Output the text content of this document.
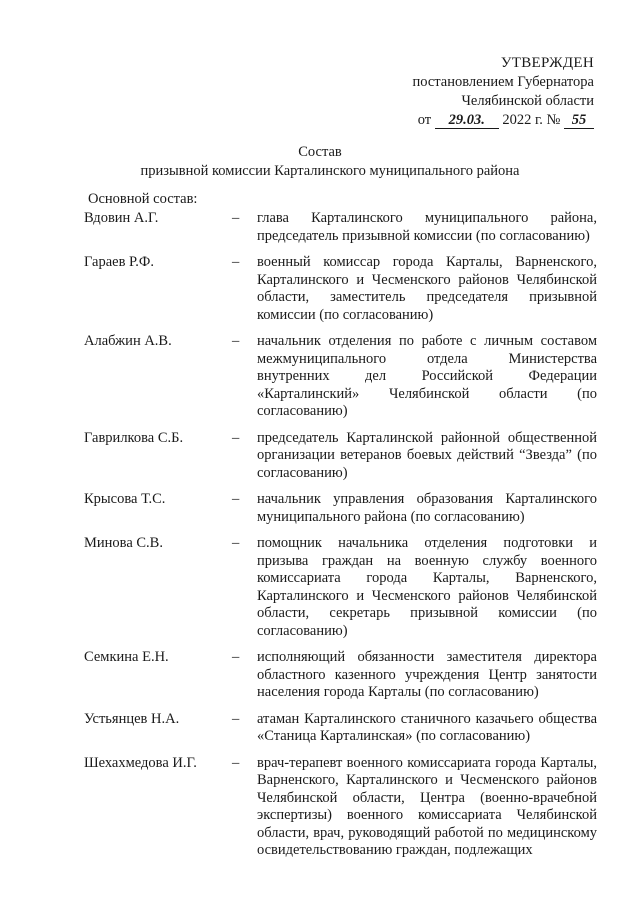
УТВЕРЖДЕН
постановлением Губернатора
Челябинской области
от 29.03. 2022 г. № 55
Состав
призывной комиссии Карталинского муниципального района
Основной состав:
Вдовин А.Г.	– глава Карталинского муниципального района, председатель призывной комиссии (по согласованию)
Гараев Р.Ф.	– военный комиссар города Карталы, Варненского, Карталинского и Чесменского районов Челябинской области, заместитель председателя призывной комиссии (по согласованию)
Алабжин А.В.	– начальник отделения по работе с личным составом межмуниципального отдела Министерства внутренних дел Российской Федерации «Карталинский» Челябинской области (по согласованию)
Гаврилкова С.Б.	– председатель Карталинской районной общественной организации ветеранов боевых действий “Звезда” (по согласованию)
Крысова Т.С.	– начальник управления образования Карталинского муниципального района (по согласованию)
Минова С.В.	– помощник начальника отделения подготовки и призыва граждан на военную службу военного комиссариата города Карталы, Варненского, Карталинского и Чесменского районов Челябинской области, секретарь призывной комиссии (по согласованию)
Семкина Е.Н.	– исполняющий обязанности заместителя директора областного казенного учреждения Центр занятости населения города Карталы (по согласованию)
Устьянцев Н.А.	– атаман Карталинского станичного казачьего общества «Станица Карталинская» (по согласованию)
Шехахмедова И.Г. – врач-терапевт военного комиссариата города Карталы, Варненского, Карталинского и Чесменского районов Челябинской области, Центра (военно-врачебной экспертизы) военного комиссариата Челябинской области, врач, руководящий работой по медицинскому освидетельствованию граждан, подлежащих
